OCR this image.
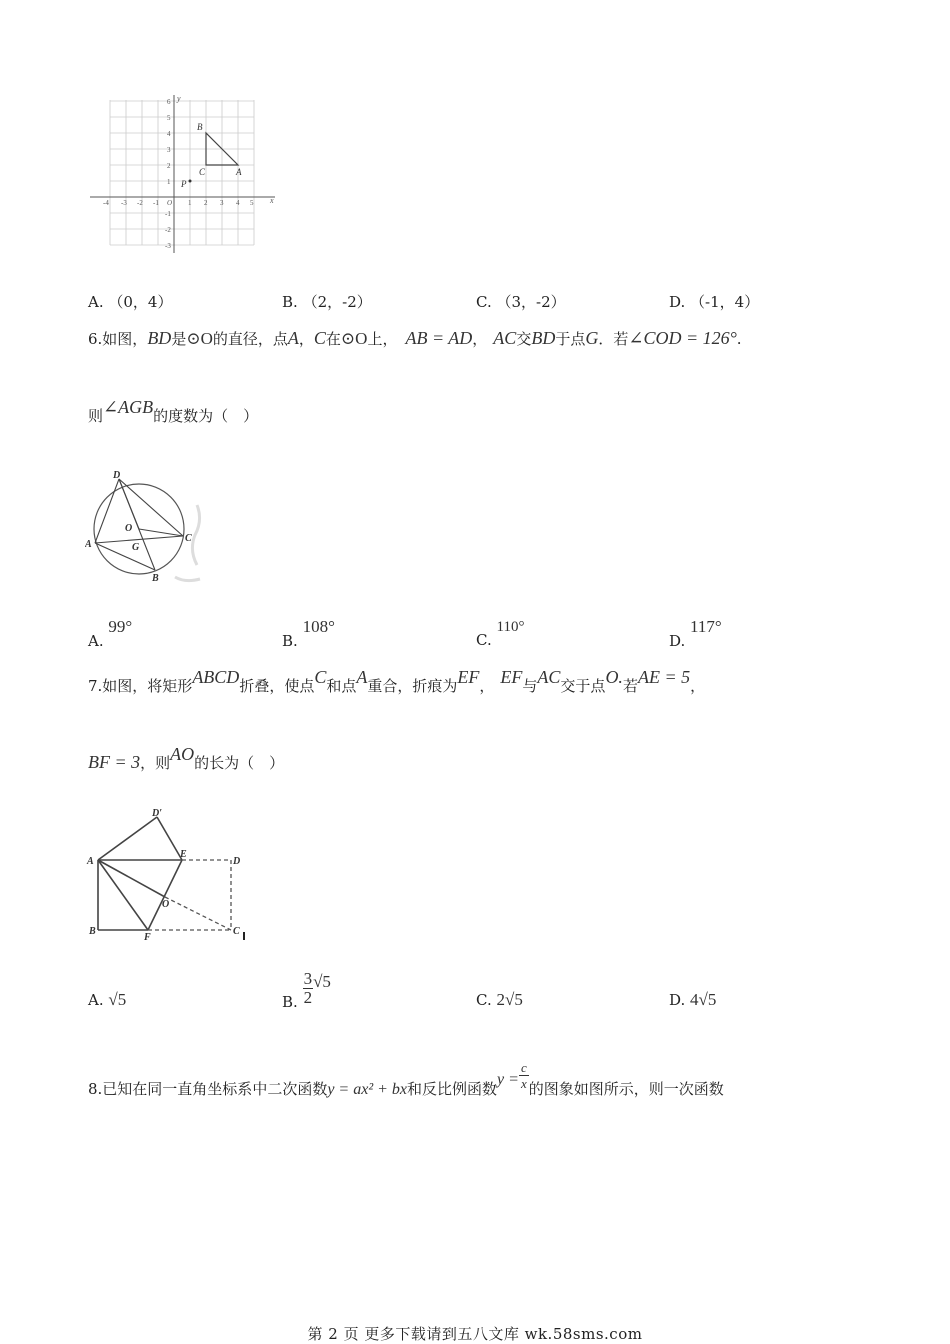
x
y
-4 -3 -2 -1 O 1 2 3 4 5
6
5
4
3
2
1
-1
-2
-3
B
C	A
P
A. （0，4）	B. （2，-2）	C. （3，-2）	D. （-1，4）
6.如图，BD是⊙O的直径，点A，C在⊙O上， AB = AD， AC交BD于点G．若∠COD = 126°.
则∠AGB的度数为（　）
D
O
A	G
C
B
A. 99°
B. 108°
C. 110°
D. 117°
7.如图，将矩形ABCD折叠，使点C和点A重合，折痕为EF， EF与AC交于点O.若AE = 5，
BF = 3，则AO的长为（　）
D′
A
E
D
O
B
F
C
A. √5	B. $\frac{3}{2} √5$
C. 2√5	D. 4√5
8.已知在同一直角坐标系中二次函数y = ax² + bx和反比例函数$y = \frac{c}{x}$ 的图象如图所示，则一次函数
第 2 页 更多下载请到五八文库 wk.58sms.com
